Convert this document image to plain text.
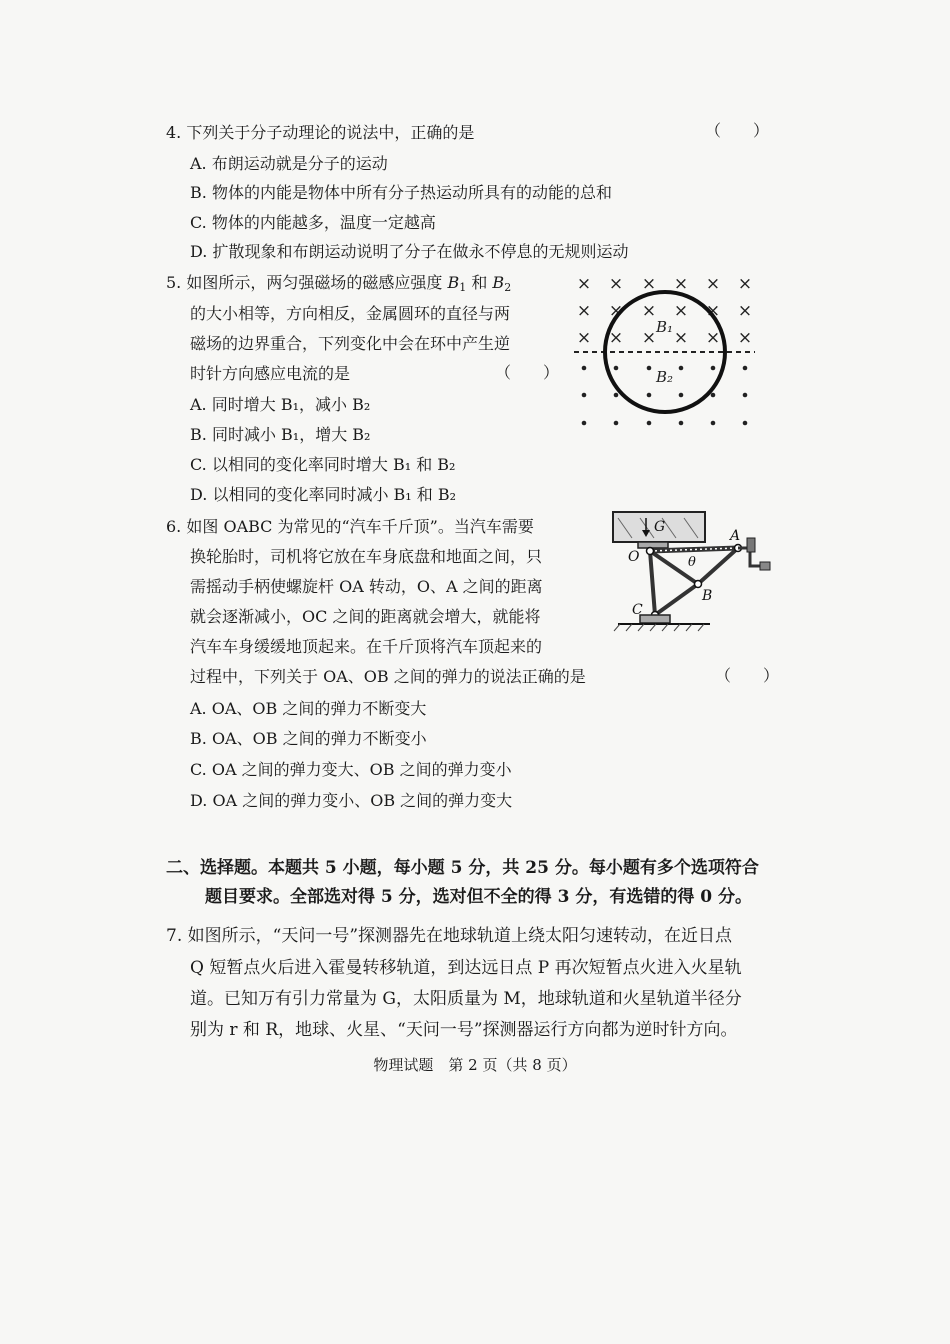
4. 下列关于分子动理论的说法中，正确的是	（　　）
A. 布朗运动就是分子的运动
B. 物体的内能是物体中所有分子热运动所具有的动能的总和
C. 物体的内能越多，温度一定越高
D. 扩散现象和布朗运动说明了分子在做永不停息的无规则运动
5. 如图所示，两匀强磁场的磁感应强度 B1 和 B2
的大小相等，方向相反，金属圆环的直径与两
磁场的边界重合，下列变化中会在环中产生逆
时针方向感应电流的是	（　　）
A. 同时增大 B₁，减小 B₂
B. 同时减小 B₁，增大 B₂
C. 以相同的变化率同时增大 B₁ 和 B₂
D. 以相同的变化率同时减小 B₁ 和 B₂
× × × × × ×
× × × × × ×
× × × × × ×
B₁
B₂
6. 如图 OABC 为常见的“汽车千斤顶”。当汽车需要
换轮胎时，司机将它放在车身底盘和地面之间，只
需摇动手柄使螺旋杆 OA 转动，O、A 之间的距离
就会逐渐减小，OC 之间的距离就会增大，就能将
汽车车身缓缓地顶起来。在千斤顶将汽车顶起来的
过程中，下列关于 OA、OB 之间的弹力的说法正确的是	（　　）
A. OA、OB 之间的弹力不断变大
B. OA、OB 之间的弹力不断变小
C. OA 之间的弹力变大、OB 之间的弹力变小
D. OA 之间的弹力变小、OB 之间的弹力变大
G
O
A
B
C
θ
二、选择题。本题共 5 小题，每小题 5 分，共 25 分。每小题有多个选项符合
题目要求。全部选对得 5 分，选对但不全的得 3 分，有选错的得 0 分。
7. 如图所示，“天问一号”探测器先在地球轨道上绕太阳匀速转动，在近日点
Q 短暂点火后进入霍曼转移轨道，到达远日点 P 再次短暂点火进入火星轨
道。已知万有引力常量为 G，太阳质量为 M，地球轨道和火星轨道半径分
别为 r 和 R，地球、火星、“天问一号”探测器运行方向都为逆时针方向。
物理试题　第 2 页（共 8 页）
